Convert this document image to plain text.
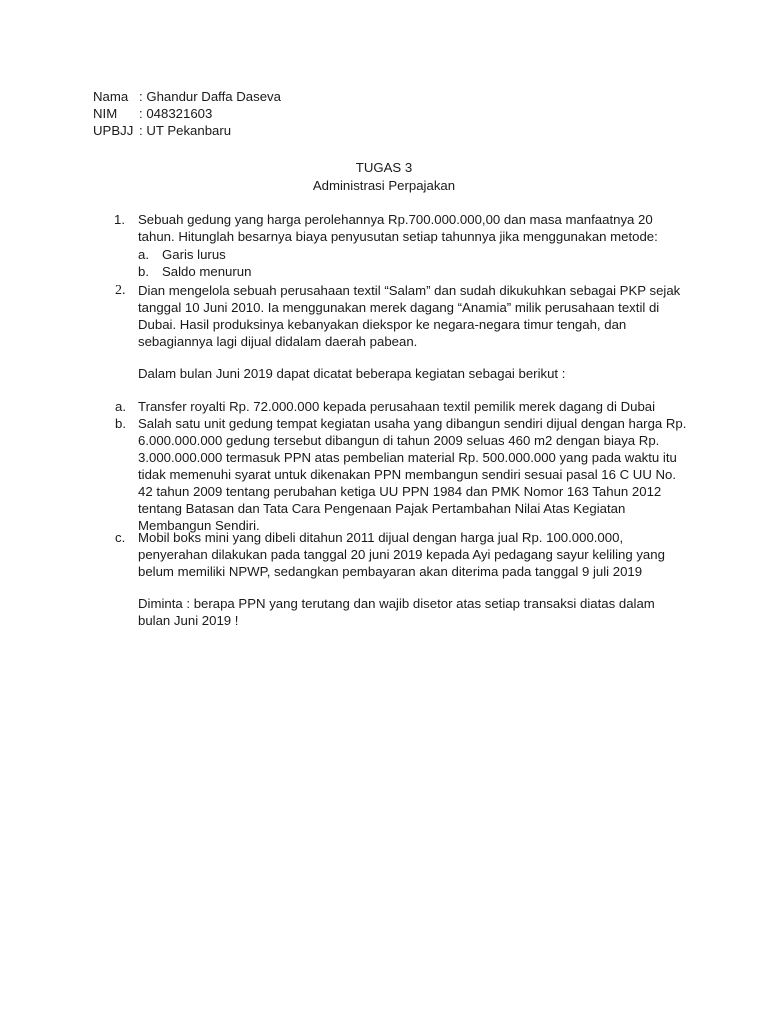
Nama : Ghandur Daffa Daseva
NIM : 048321603
UPBJJ : UT Pekanbaru
TUGAS 3
Administrasi Perpajakan
1. Sebuah gedung yang harga perolehannya Rp.700.000.000,00 dan masa manfaatnya 20
tahun. Hitunglah besarnya biaya penyusutan setiap tahunnya jika menggunakan metode:
a. Garis lurus
b. Saldo menurun
2. Dian mengelola sebuah perusahaan textil “Salam” dan sudah dikukuhkan sebagai PKP sejak
tanggal 10 Juni 2010. Ia menggunakan merek dagang “Anamia” milik perusahaan textil di
Dubai. Hasil produksinya kebanyakan diekspor ke negara-negara timur tengah, dan
sebagiannya lagi dijual didalam daerah pabean.
Dalam bulan Juni 2019 dapat dicatat beberapa kegiatan sebagai berikut :
a. Transfer royalti Rp. 72.000.000 kepada perusahaan textil pemilik merek dagang di Dubai
b. Salah satu unit gedung tempat kegiatan usaha yang dibangun sendiri dijual dengan harga Rp.
6.000.000.000 gedung tersebut dibangun di tahun 2009 seluas 460 m2 dengan biaya Rp.
3.000.000.000 termasuk PPN atas pembelian material Rp. 500.000.000 yang pada waktu itu
tidak memenuhi syarat untuk dikenakan PPN membangun sendiri sesuai pasal 16 C UU No.
42 tahun 2009 tentang perubahan ketiga UU PPN 1984 dan PMK Nomor 163 Tahun 2012
tentang Batasan dan Tata Cara Pengenaan Pajak Pertambahan Nilai Atas Kegiatan
Membangun Sendiri.
c. Mobil boks mini yang dibeli ditahun 2011 dijual dengan harga jual Rp. 100.000.000,
penyerahan dilakukan pada tanggal 20 juni 2019 kepada Ayi pedagang sayur keliling yang
belum memiliki NPWP, sedangkan pembayaran akan diterima pada tanggal 9 juli 2019
Diminta : berapa PPN yang terutang dan wajib disetor atas setiap transaksi diatas dalam
bulan Juni 2019 !
